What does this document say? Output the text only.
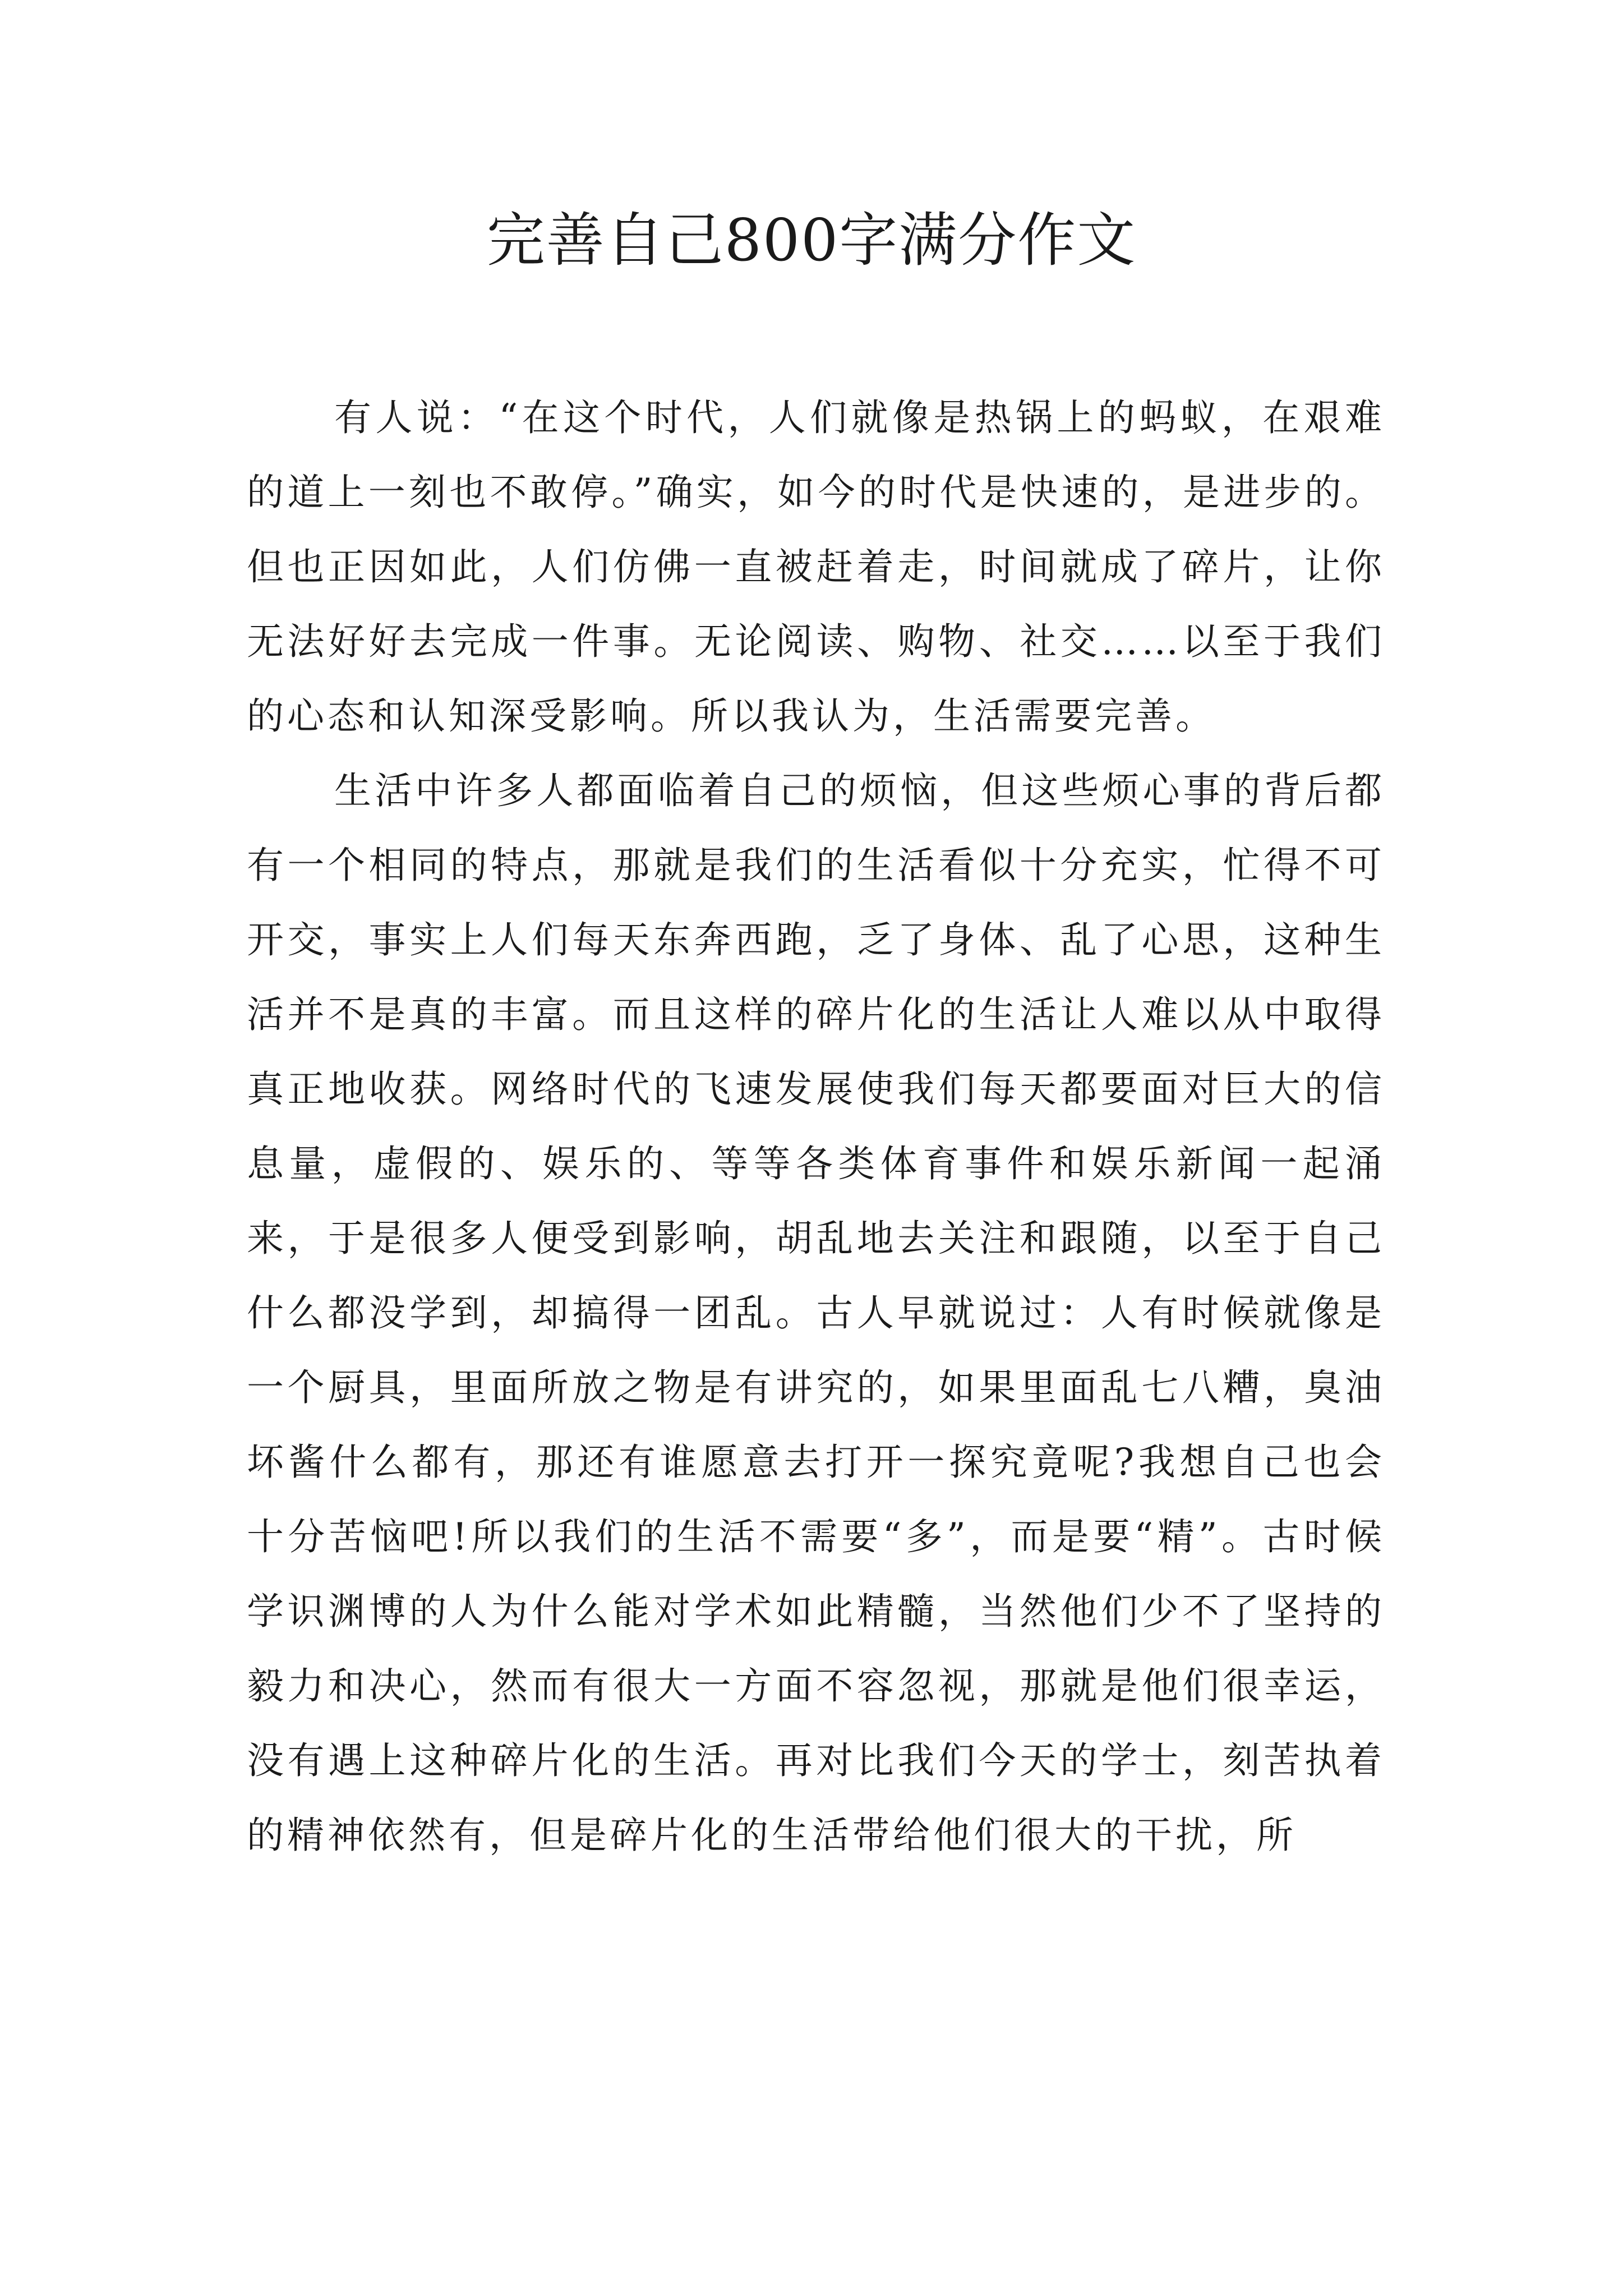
完善自己800字满分作文

有人说：“在这个时代，人们就像是热锅上的蚂蚁，在艰难的道上一刻也不敢停。”确实，如今的时代是快速的，是进步的。但也正因如此，人们仿佛一直被赶着走，时间就成了碎片，让你无法好好去完成一件事。无论阅读、购物、社交……以至于我们的心态和认知深受影响。所以我认为，生活需要完善。

生活中许多人都面临着自己的烦恼，但这些烦心事的背后都有一个相同的特点，那就是我们的生活看似十分充实，忙得不可开交，事实上人们每天东奔西跑，乏了身体、乱了心思，这种生活并不是真的丰富。而且这样的碎片化的生活让人难以从中取得真正地收获。网络时代的飞速发展使我们每天都要面对巨大的信息量，虚假的、娱乐的、等等各类体育事件和娱乐新闻一起涌来，于是很多人便受到影响，胡乱地去关注和跟随，以至于自己什么都没学到，却搞得一团乱。古人早就说过：人有时候就像是一个厨具，里面所放之物是有讲究的，如果里面乱七八糟，臭油坏酱什么都有，那还有谁愿意去打开一探究竟呢?我想自己也会十分苦恼吧!所以我们的生活不需要“多”，而是要“精”。古时候学识渊博的人为什么能对学术如此精髓，当然他们少不了坚持的毅力和决心，然而有很大一方面不容忽视，那就是他们很幸运，没有遇上这种碎片化的生活。再对比我们今天的学士，刻苦执着的精神依然有，但是碎片化的生活带给他们很大的干扰，所
